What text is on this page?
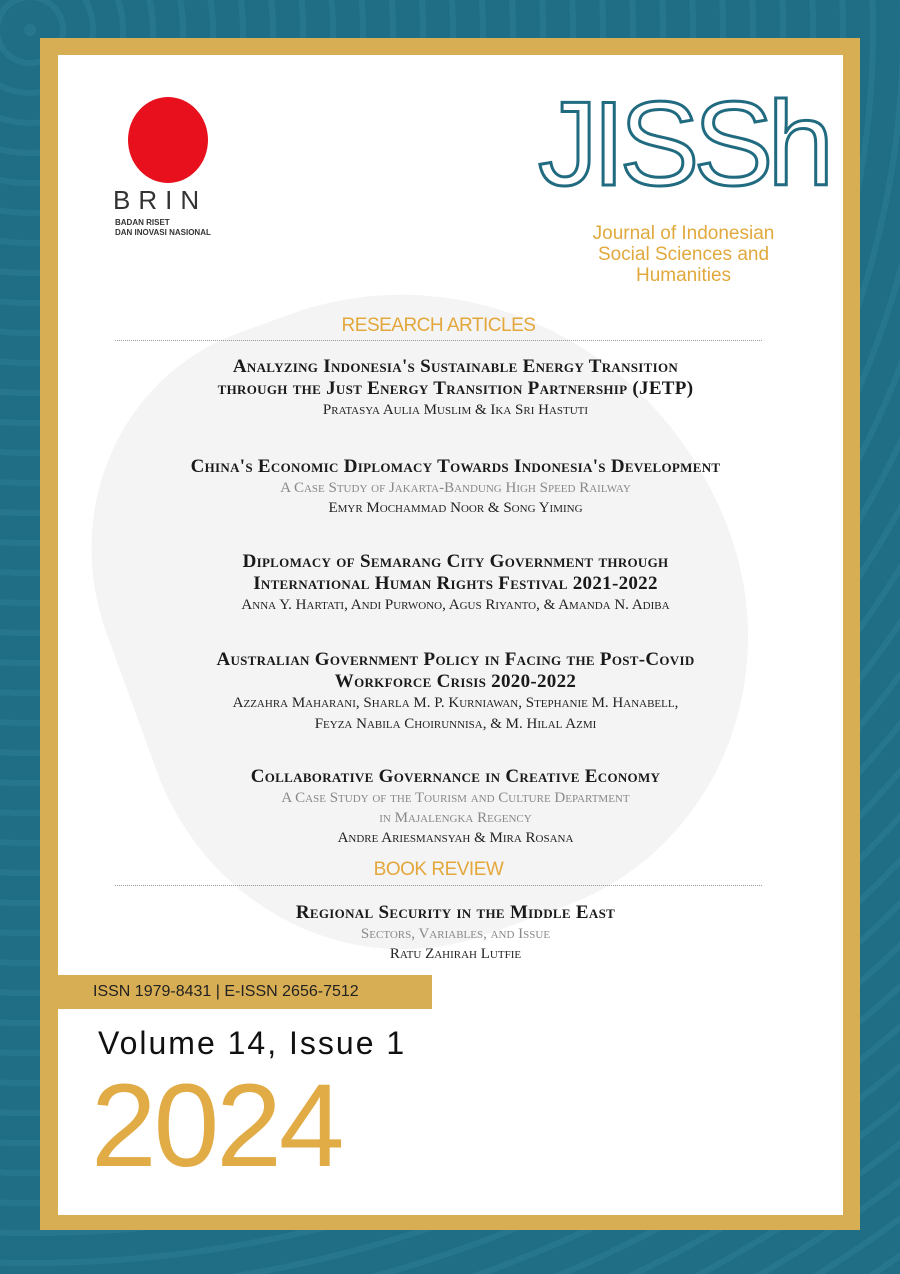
BRIN
BADAN RISET
DAN INOVASI NASIONAL
JISSh
Journal of Indonesian
Social Sciences and
Humanities
RESEARCH ARTICLES
Analyzing Indonesia's Sustainable Energy Transition
through the Just Energy Transition Partnership (JETP)
Pratasya Aulia Muslim & Ika Sri Hastuti
China's Economic Diplomacy Towards Indonesia's Development
A Case Study of Jakarta-Bandung High Speed Railway
Emyr Mochammad Noor & Song Yiming
Diplomacy of Semarang City Government through
International Human Rights Festival 2021-2022
Anna Y. Hartati, Andi Purwono, Agus Riyanto, & Amanda N. Adiba
Australian Government Policy in Facing the Post-Covid
Workforce Crisis 2020-2022
Azzahra Maharani, Sharla M. P. Kurniawan, Stephanie M. Hanabell,
Feyza Nabila Choirunnisa, & M. Hilal Azmi
Collaborative Governance in Creative Economy
A Case Study of the Tourism and Culture Department
in Majalengka Regency
Andre Ariesmansyah & Mira Rosana
BOOK REVIEW
Regional Security in the Middle East
Sectors, Variables, and Issue
Ratu Zahirah Lutfie
ISSN 1979-8431 | E-ISSN 2656-7512
Volume 14, Issue 1
2024
